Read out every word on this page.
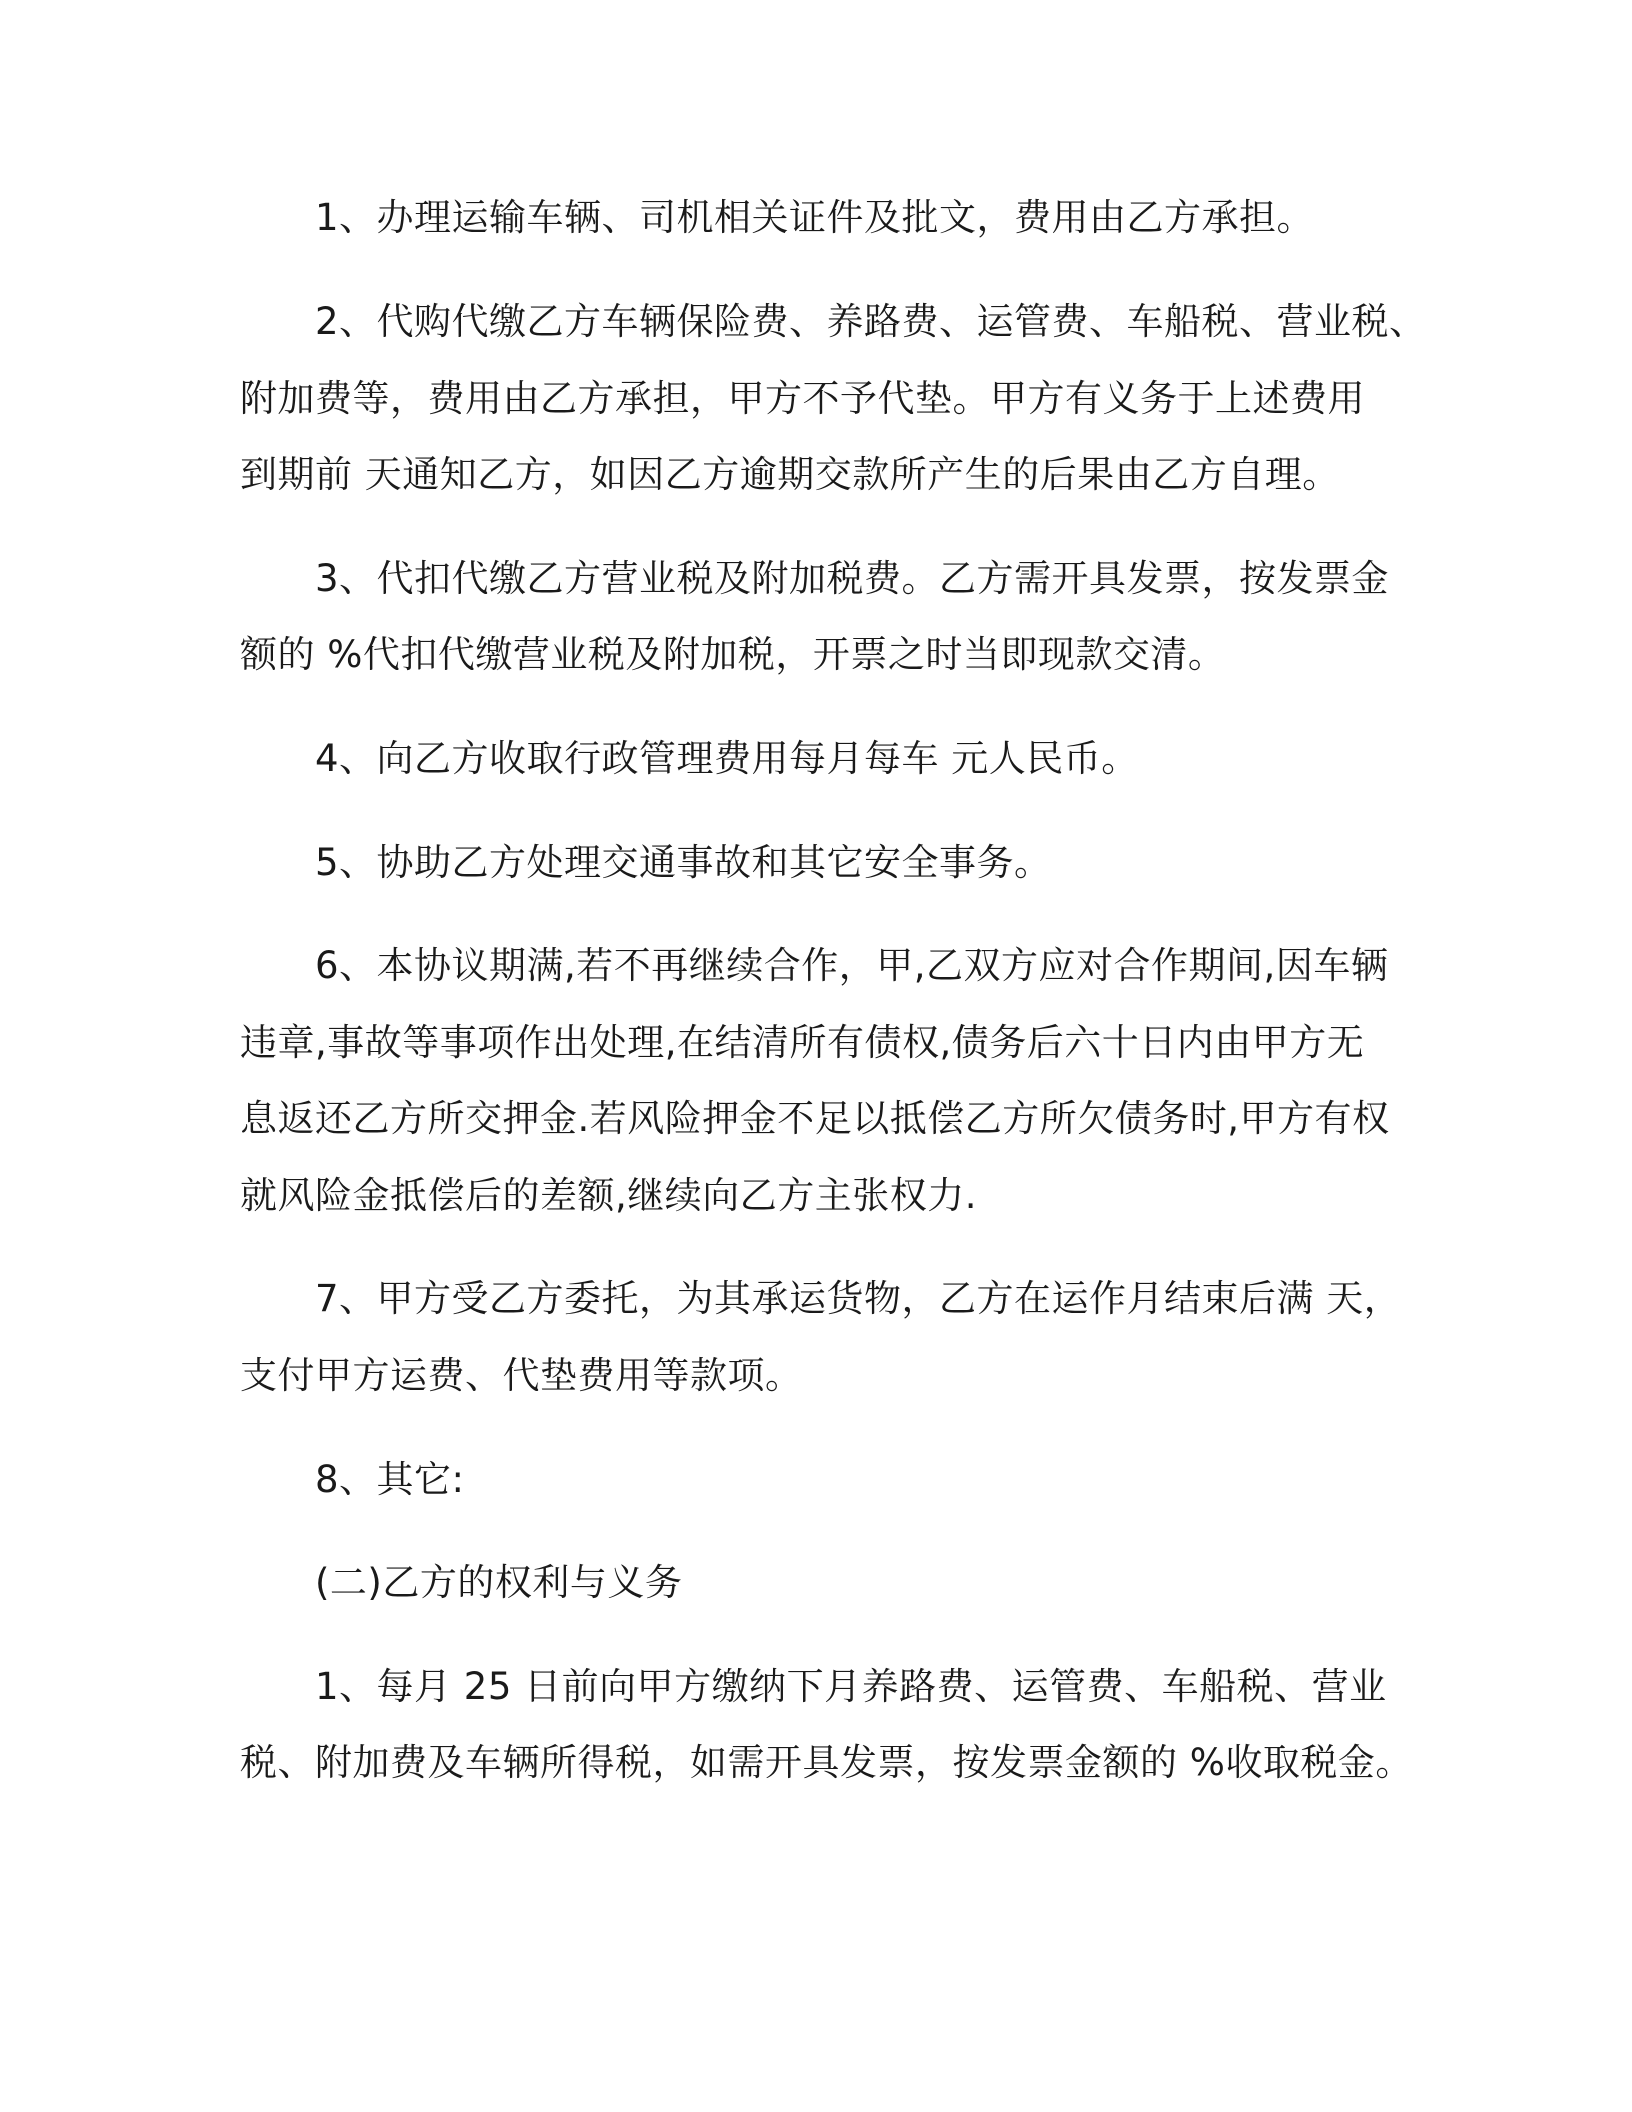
1、办理运输车辆、司机相关证件及批文，费用由乙方承担。
2、代购代缴乙方车辆保险费、养路费、运管费、车船税、营业税、
附加费等，费用由乙方承担，甲方不予代垫。甲方有义务于上述费用
到期前 天通知乙方，如因乙方逾期交款所产生的后果由乙方自理。
3、代扣代缴乙方营业税及附加税费。乙方需开具发票，按发票金
额的 %代扣代缴营业税及附加税，开票之时当即现款交清。
4、向乙方收取行政管理费用每月每车 元人民币。
5、协助乙方处理交通事故和其它安全事务。
6、本协议期满,若不再继续合作，甲,乙双方应对合作期间,因车辆
违章,事故等事项作出处理,在结清所有债权,债务后六十日内由甲方无
息返还乙方所交押金.若风险押金不足以抵偿乙方所欠债务时,甲方有权
就风险金抵偿后的差额,继续向乙方主张权力.
7、甲方受乙方委托，为其承运货物，乙方在运作月结束后满 天，
支付甲方运费、代垫费用等款项。
8、其它:
(二)乙方的权利与义务
1、每月 25 日前向甲方缴纳下月养路费、运管费、车船税、营业
税、附加费及车辆所得税，如需开具发票，按发票金额的 %收取税金。
